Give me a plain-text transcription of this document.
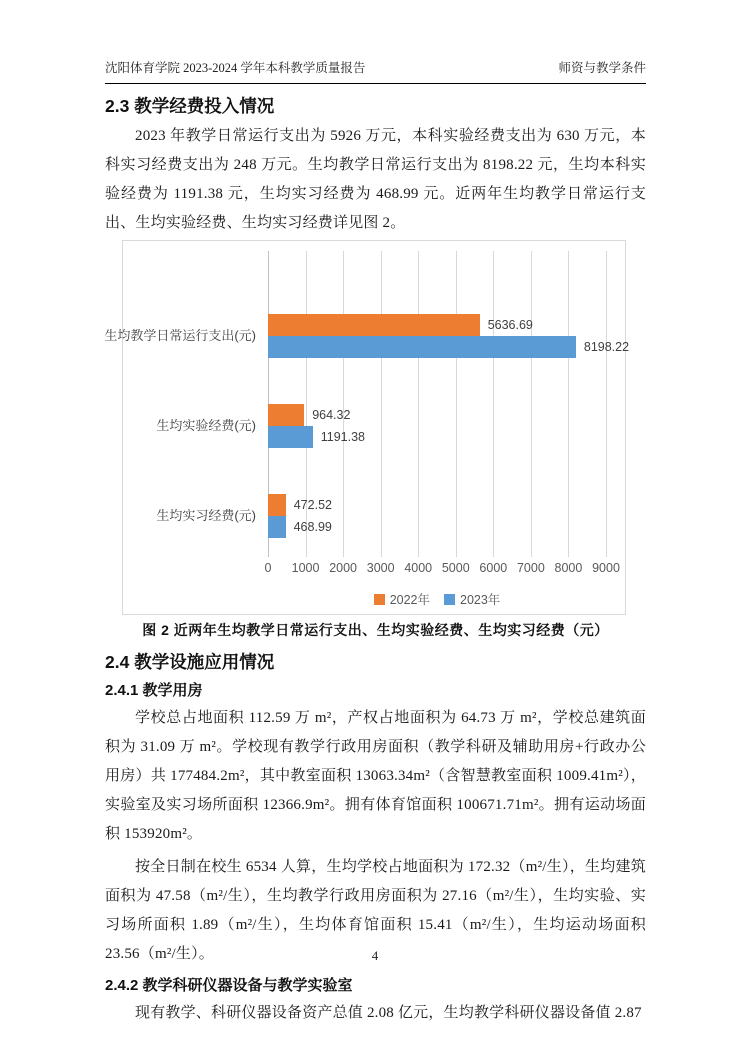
沈阳体育学院 2023-2024 学年本科教学质量报告	师资与教学条件
2.3 教学经费投入情况
2023 年教学日常运行支出为 5926 万元，本科实验经费支出为 630 万元，本科实习经费支出为 248 万元。生均教学日常运行支出为 8198.22 元，生均本科实验经费为 1191.38 元，生均实习经费为 468.99 元。近两年生均教学日常运行支出、生均实验经费、生均实习经费详见图 2。
生均教学日常运行支出(元)
生均实验经费(元)
生均实习经费(元)
5636.69
964.32
472.52
8198.22
1191.38
468.99
0	1000 2000 3000 4000 5000 6000 7000 8000 9000
2022年 2023年
图 2 近两年生均教学日常运行支出、生均实验经费、生均实习经费（元）
2.4 教学设施应用情况
2.4.1 教学用房
学校总占地面积 112.59 万 m²，产权占地面积为 64.73 万 m²，学校总建筑面积为 31.09 万 m²。学校现有教学行政用房面积（教学科研及辅助用房+行政办公用房）共 177484.2m²，其中教室面积 13063.34m²（含智慧教室面积 1009.41m²），实验室及实习场所面积 12366.9m²。拥有体育馆面积 100671.71m²。拥有运动场面积 153920m²。
按全日制在校生 6534 人算，生均学校占地面积为 172.32（m²/生），生均建筑面积为 47.58（m²/生），生均教学行政用房面积为 27.16（m²/生），生均实验、实习场所面积 1.89（m²/生），生均体育馆面积 15.41（m²/生），生均运动场面积 23.56（m²/生）。
2.4.2 教学科研仪器设备与教学实验室
现有教学、科研仪器设备资产总值 2.08 亿元，生均教学科研仪器设备值 2.87
4
